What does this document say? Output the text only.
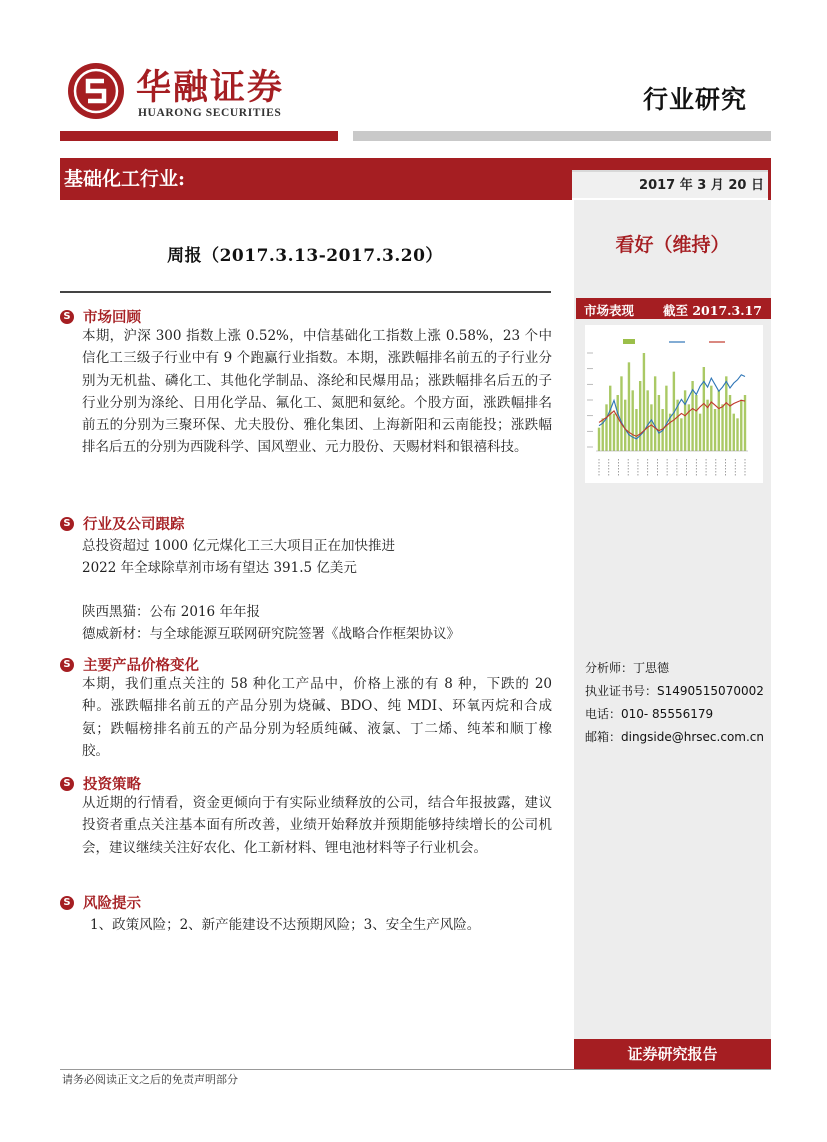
华融证券
HUARONG SECURITIES	行业研究
基础化工行业:	2017 年 3 月 20 日
看好（维持）
市场表现 截至 2017.3.17
分析师：丁思德
执业证书号：S1490515070002
电话：010- 85556179
邮箱：dingside@hrsec.com.cn
证券研究报告
周报（2017.3.13-2017.3.20）
S 市场回顾
本期，沪深 300 指数上涨 0.52%，中信基础化工指数上涨 0.58%，23 个中信化工三级子行业中有 9 个跑赢行业指数。本期，涨跌幅排名前五的子行业分别为无机盐、磷化工、其他化学制品、涤纶和民爆用品；涨跌幅排名后五的子行业分别为涤纶、日用化学品、氟化工、氮肥和氨纶。个股方面，涨跌幅排名前五的分别为三聚环保、尤夫股份、雅化集团、上海新阳和云南能投；涨跌幅排名后五的分别为西陇科学、国风塑业、元力股份、天赐材料和银禧科技。
S 行业及公司跟踪
总投资超过 1000 亿元煤化工三大项目正在加快推进
2022 年全球除草剂市场有望达 391.5 亿美元
陕西黑猫：公布 2016 年年报
德威新材：与全球能源互联网研究院签署《战略合作框架协议》
S 主要产品价格变化
本期，我们重点关注的 58 种化工产品中，价格上涨的有 8 种，下跌的 20 种。涨跌幅排名前五的产品分别为烧碱、BDO、纯 MDI、环氧丙烷和合成氨；跌幅榜排名前五的产品分别为轻质纯碱、液氯、丁二烯、纯苯和顺丁橡胶。
S 投资策略
从近期的行情看，资金更倾向于有实际业绩释放的公司，结合年报披露，建议投资者重点关注基本面有所改善，业绩开始释放并预期能够持续增长的公司机会，建议继续关注好农化、化工新材料、锂电池材料等子行业机会。
S 风险提示
1、政策风险；2、新产能建设不达预期风险；3、安全生产风险。
请务必阅读正文之后的免责声明部分
